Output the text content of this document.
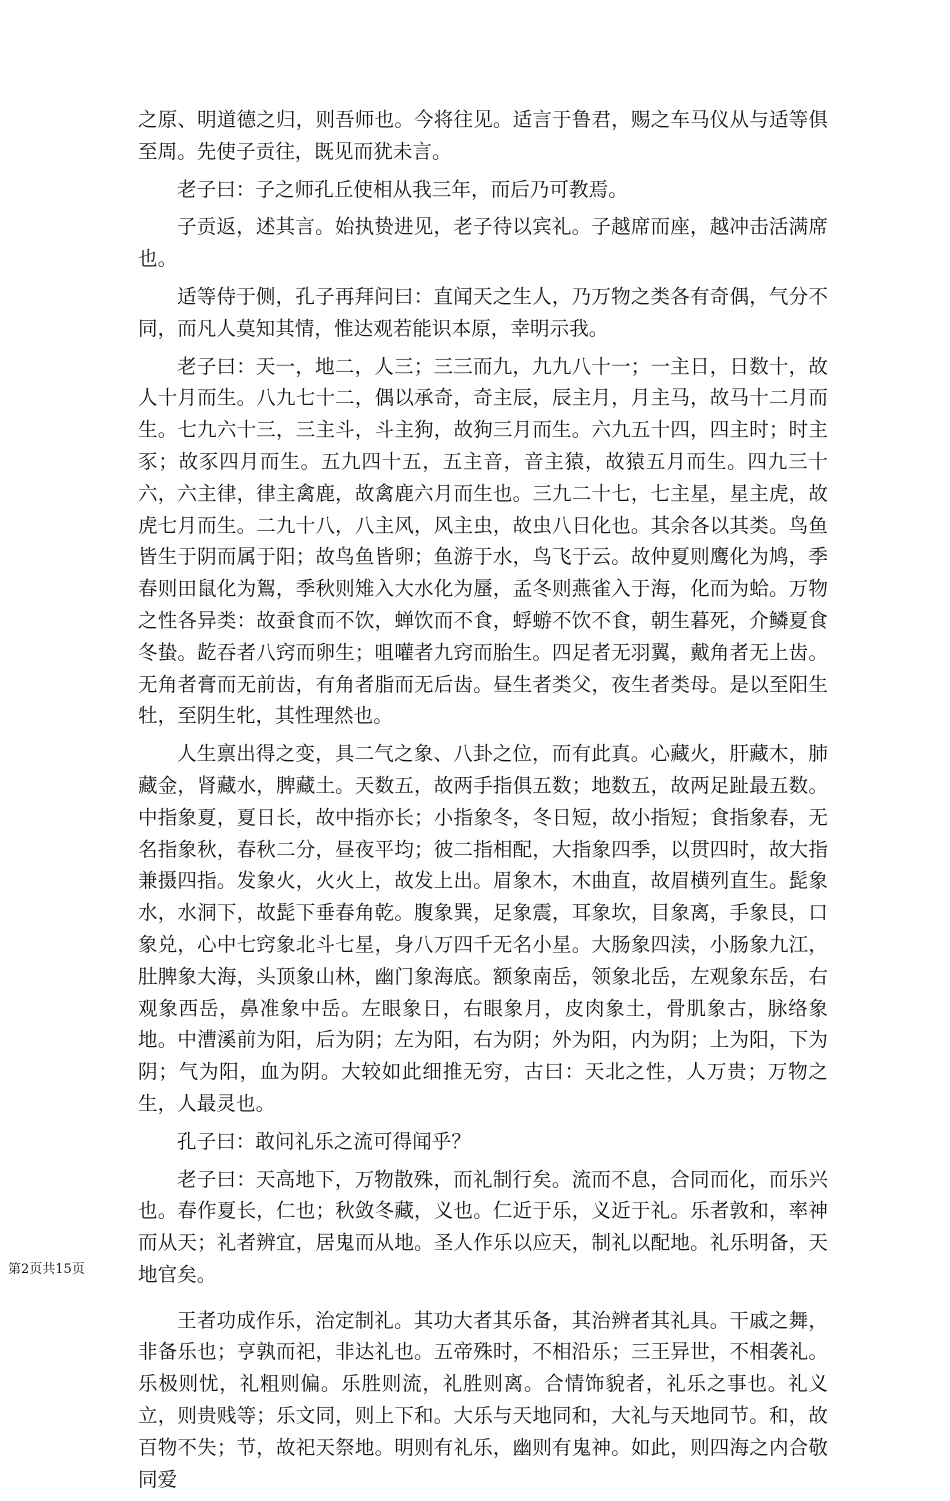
之原、明道德之归，则吾师也。今将往见。适言于鲁君，赐之车马仪从与适等俱至周。先使子贡往，既见而犹未言。

老子曰：子之师孔丘使相从我三年，而后乃可教焉。

子贡返，述其言。始执贽进见，老子待以宾礼。子越席而座，越冲击活满席也。

适等侍于侧，孔子再拜问曰：直闻天之生人，乃万物之类各有奇偶，气分不同，而凡人莫知其情，惟达观若能识本原，幸明示我。

老子曰：天一，地二，人三；三三而九，九九八十一；一主日，日数十，故人十月而生。八九七十二，偶以承奇，奇主辰，辰主月，月主马，故马十二月而生。七九六十三，三主斗，斗主狗，故狗三月而生。六九五十四，四主时；时主豕；故豕四月而生。五九四十五，五主音，音主猿，故猿五月而生。四九三十六，六主律，律主禽鹿，故禽鹿六月而生也。三九二十七，七主星，星主虎，故虎七月而生。二九十八，八主风，风主虫，故虫八日化也。其余各以其类。鸟鱼皆生于阴而属于阳；故鸟鱼皆卵；鱼游于水，鸟飞于云。故仲夏则鹰化为鸠，季春则田鼠化为鴽，季秋则雉入大水化为蜃，孟冬则燕雀入于海，化而为蛤。万物之性各异类：故蚕食而不饮，蝉饮而不食，蜉蝣不饮不食，朝生暮死，介鳞夏食冬蛰。龁吞者八窍而卵生；咀嚾者九窍而胎生。四足者无羽翼，戴角者无上齿。无角者膏而无前齿，有角者脂而无后齿。昼生者类父，夜生者类母。是以至阳生牡，至阴生牝，其性理然也。

人生禀出得之变，具二气之象、八卦之位，而有此真。心藏火，肝藏木，肺藏金，肾藏水，脾藏土。天数五，故两手指俱五数；地数五，故两足趾最五数。中指象夏，夏日长，故中指亦长；小指象冬，冬日短，故小指短；食指象春，无名指象秋，春秋二分，昼夜平均；彼二指相配，大指象四季，以贯四时，故大指兼摄四指。发象火，火火上，故发上出。眉象木，木曲直，故眉横列直生。髭象水，水洞下，故髭下垂春角乾。腹象巽，足象震，耳象坎，目象离，手象艮，口象兑，心中七窍象北斗七星，身八万四千无名小星。大肠象四渎，小肠象九江，肚脾象大海，头顶象山林，幽门象海底。额象南岳，领象北岳，左观象东岳，右观象西岳，鼻准象中岳。左眼象日，右眼象月，皮肉象土，骨肌象古，脉络象地。中漕溪前为阳，后为阴；左为阳，右为阴；外为阳，内为阴；上为阳，下为阴；气为阳，血为阴。大较如此细推无穷，古曰：天北之性，人万贵；万物之生，人最灵也。

孔子曰：敢问礼乐之流可得闻乎？

老子曰：天高地下，万物散殊，而礼制行矣。流而不息，合同而化，而乐兴也。春作夏长，仁也；秋敛冬藏，义也。仁近于乐，义近于礼。乐者敦和，率神而从天；礼者辨宜，居鬼而从地。圣人作乐以应天，制礼以配地。礼乐明备，天地官矣。

王者功成作乐，治定制礼。其功大者其乐备，其治辨者其礼具。干戚之舞，非备乐也；亨孰而祀，非达礼也。五帝殊时，不相沿乐；三王异世，不相袭礼。乐极则忧，礼粗则偏。乐胜则流，礼胜则离。合情饰貌者，礼乐之事也。礼义立，则贵贱等；乐文同，则上下和。大乐与天地同和，大礼与天地同节。和，故百物不失；节，故祀天祭地。明则有礼乐，幽则有鬼神。如此，则四海之内合敬同爱

第2页共15页
